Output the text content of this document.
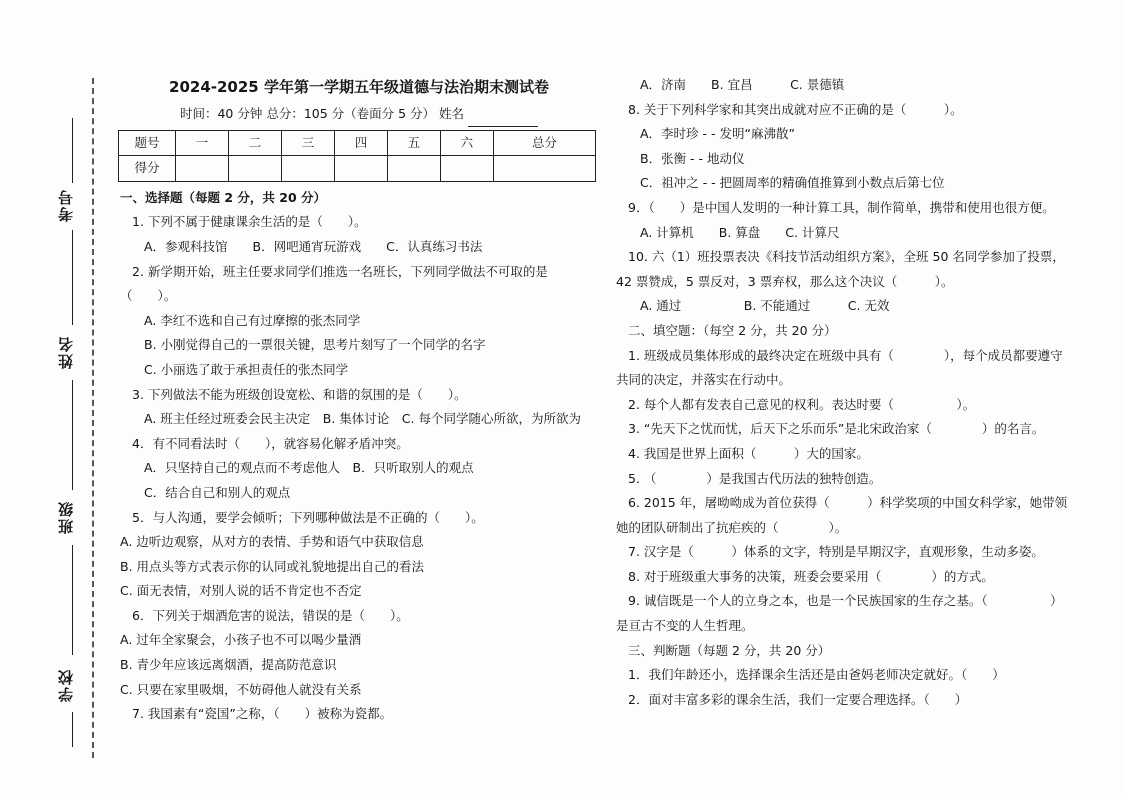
考号
姓名
班级
学校
2024-2025 学年第一学期五年级道德与法治期末测试卷
时间：40 分钟 总分：105 分（卷面分 5 分） 姓名
题号	一	二	三	四	五	六	总分
得分							
一、选择题（每题 2 分，共 20 分）
1. 下列不属于健康课余生活的是（　　）。
A．参观科技馆　　B．网吧通宵玩游戏　　C．认真练习书法
2. 新学期开始，班主任要求同学们推选一名班长，下列同学做法不可取的是
（　　）。
A. 李红不选和自己有过摩擦的张杰同学
B. 小刚觉得自己的一票很关键，思考片刻写了一个同学的名字
C. 小丽选了敢于承担责任的张杰同学
3. 下列做法不能为班级创设宽松、和谐的氛围的是（　　）。
A. 班主任经过班委会民主决定　B. 集体讨论　C. 每个同学随心所欲，为所欲为
4．有不同看法时（　　），就容易化解矛盾冲突。
A．只坚持自己的观点而不考虑他人　B．只听取别人的观点
C．结合自己和别人的观点
5．与人沟通，要学会倾听；下列哪种做法是不正确的（　　）。
A. 边听边观察，从对方的表情、手势和语气中获取信息
B. 用点头等方式表示你的认同或礼貌地提出自己的看法
C. 面无表情，对别人说的话不肯定也不否定
6．下列关于烟酒危害的说法，错误的是（　　）。
A. 过年全家聚会，小孩子也不可以喝少量酒
B. 青少年应该远离烟酒，提高防范意识
C. 只要在家里吸烟，不妨碍他人就没有关系
7. 我国素有“瓷国”之称，（　　）被称为瓷都。
A．济南　　B. 宜昌　　　C. 景德镇
8. 关于下列科学家和其突出成就对应不正确的是（　　　）。
A．李时珍 - - 发明“麻沸散”
B．张衡 - - 地动仪
C．祖冲之 - - 把圆周率的精确值推算到小数点后第七位
9．（　　）是中国人发明的一种计算工具，制作简单，携带和使用也很方便。
A. 计算机　　B. 算盘　　C. 计算尺
10. 六（1）班投票表决《科技节活动组织方案》，全班 50 名同学参加了投票，
42 票赞成，5 票反对，3 票弃权，那么这个决议（　　　）。
A. 通过　　　　　B. 不能通过　　　C. 无效
二、填空题：（每空 2 分，共 20 分）
1. 班级成员集体形成的最终决定在班级中具有（　　　　），每个成员都要遵守
共同的决定，并落实在行动中。
2. 每个人都有发表自己意见的权利。表达时要（　　　　　）。
3. “先天下之忧而忧，后天下之乐而乐”是北宋政治家（　　　　）的名言。
4. 我国是世界上面积（　　　）大的国家。
5. （　　　　）是我国古代历法的独特创造。
6. 2015 年，屠呦呦成为首位获得（　　　）科学奖项的中国女科学家，她带领
她的团队研制出了抗疟疾的（　　　　）。
7. 汉字是（　　　）体系的文字，特别是早期汉字，直观形象，生动多姿。
8. 对于班级重大事务的决策，班委会要采用（　　　　）的方式。
9. 诚信既是一个人的立身之本，也是一个民族国家的生存之基。（　　　　　）
是亘古不变的人生哲理。
三、判断题（每题 2 分，共 20 分）
1．我们年龄还小，选择课余生活还是由爸妈老师决定就好。（　　）
2．面对丰富多彩的课余生活，我们一定要合理选择。（　　）
